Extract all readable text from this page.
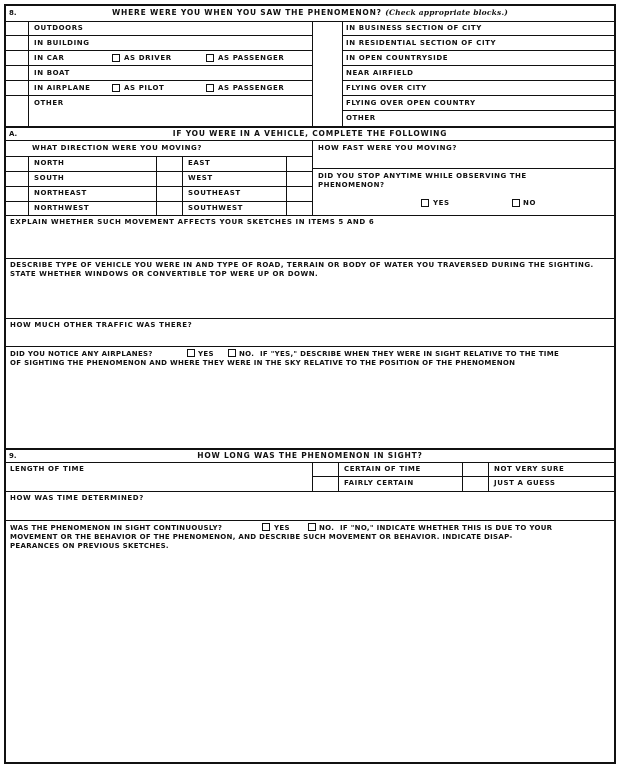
8.	WHERE WERE YOU WHEN YOU SAW THE PHENOMENON? (Check appropriate blocks.)
OUTDOORS
IN BUILDING
IN CAR	AS DRIVER	AS PASSENGER
IN BOAT
IN AIRPLANE	AS PILOT	AS PASSENGER
OTHER
IN BUSINESS SECTION OF CITY
IN RESIDENTIAL SECTION OF CITY
IN OPEN COUNTRYSIDE
NEAR AIRFIELD
FLYING OVER CITY
FLYING OVER OPEN COUNTRY
OTHER
A.	IF YOU WERE IN A VEHICLE, COMPLETE THE FOLLOWING
WHAT DIRECTION WERE YOU MOVING?
NORTH	EAST
SOUTH	WEST
NORTHEAST	SOUTHEAST
NORTHWEST	SOUTHWEST
HOW FAST WERE YOU MOVING?
DID YOU STOP ANYTIME WHILE OBSERVING THE PHENOMENON?
YES	NO
EXPLAIN WHETHER SUCH MOVEMENT AFFECTS YOUR SKETCHES IN ITEMS 5 AND 6
DESCRIBE TYPE OF VEHICLE YOU WERE IN AND TYPE OF ROAD, TERRAIN OR BODY OF WATER YOU TRAVERSED DURING THE SIGHTING. STATE WHETHER WINDOWS OR CONVERTIBLE TOP WERE UP OR DOWN.
HOW MUCH OTHER TRAFFIC WAS THERE?
DID YOU NOTICE ANY AIRPLANES?	YES	NO. IF "YES," DESCRIBE WHEN THEY WERE IN SIGHT RELATIVE TO THE TIME
OF SIGHTING THE PHENOMENON AND WHERE THEY WERE IN THE SKY RELATIVE TO THE POSITION OF THE PHENOMENON
9.	HOW LONG WAS THE PHENOMENON IN SIGHT?
LENGTH OF TIME	CERTAIN OF TIME	NOT VERY SURE
FAIRLY CERTAIN	JUST A GUESS
HOW WAS TIME DETERMINED?
WAS THE PHENOMENON IN SIGHT CONTINUOUSLY?	YES	NO. IF "NO," INDICATE WHETHER THIS IS DUE TO YOUR
MOVEMENT OR THE BEHAVIOR OF THE PHENOMENON, AND DESCRIBE SUCH MOVEMENT OR BEHAVIOR. INDICATE DISAP-
PEARANCES ON PREVIOUS SKETCHES.
